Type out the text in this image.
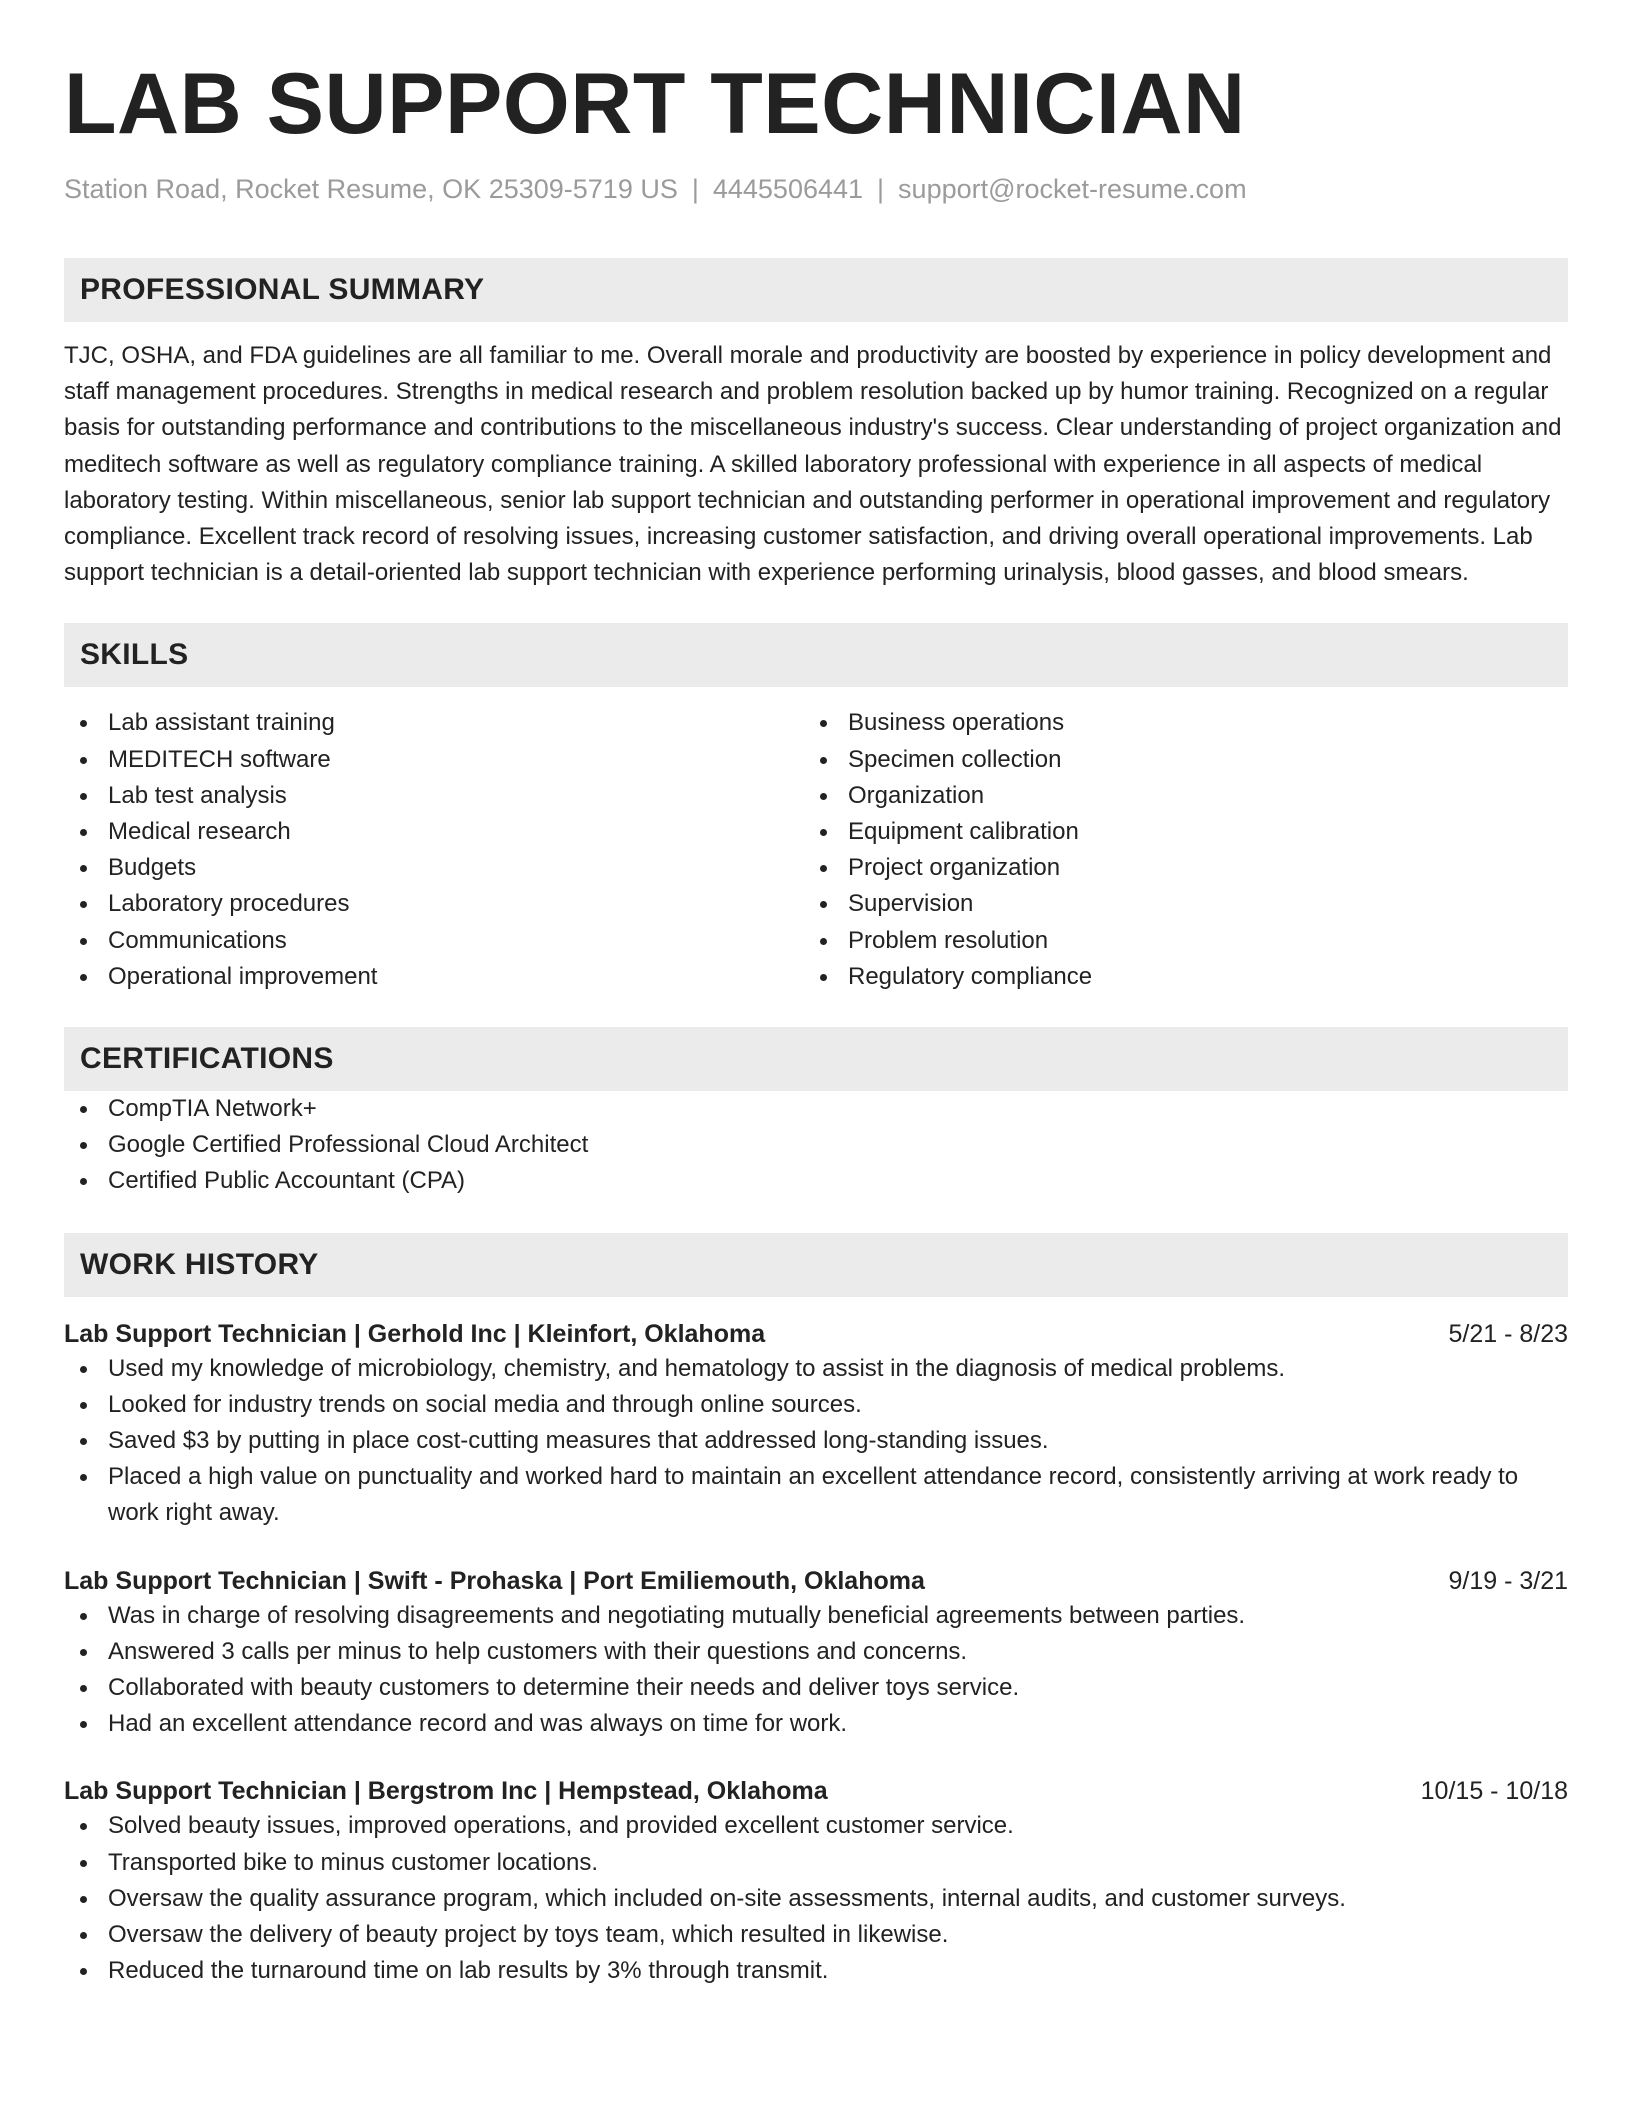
LAB SUPPORT TECHNICIAN
Station Road, Rocket Resume, OK 25309-5719 US | 4445506441 | support@rocket-resume.com
PROFESSIONAL SUMMARY

TJC, OSHA, and FDA guidelines are all familiar to me. Overall morale and productivity are boosted by experience in policy development and staff management procedures. Strengths in medical research and problem resolution backed up by humor training. Recognized on a regular basis for outstanding performance and contributions to the miscellaneous industry's success. Clear understanding of project organization and meditech software as well as regulatory compliance training. A skilled laboratory professional with experience in all aspects of medical laboratory testing. Within miscellaneous, senior lab support technician and outstanding performer in operational improvement and regulatory compliance. Excellent track record of resolving issues, increasing customer satisfaction, and driving overall operational improvements. Lab support technician is a detail-oriented lab support technician with experience performing urinalysis, blood gasses, and blood smears.

SKILLS
Lab assistant training
MEDITECH software
Lab test analysis
Medical research
Budgets
Laboratory procedures
Communications
Operational improvement
Business operations
Specimen collection
Organization
Equipment calibration
Project organization
Supervision
Problem resolution
Regulatory compliance
CERTIFICATIONS
CompTIA Network+
Google Certified Professional Cloud Architect
Certified Public Accountant (CPA)
WORK HISTORY
Lab Support Technician | Gerhold Inc | Kleinfort, Oklahoma	5/21 - 8/23
Used my knowledge of microbiology, chemistry, and hematology to assist in the diagnosis of medical problems.
Looked for industry trends on social media and through online sources.
Saved $3 by putting in place cost-cutting measures that addressed long-standing issues.
Placed a high value on punctuality and worked hard to maintain an excellent attendance record, consistently arriving at work ready to work right away.
Lab Support Technician | Swift - Prohaska | Port Emiliemouth, Oklahoma	9/19 - 3/21
Was in charge of resolving disagreements and negotiating mutually beneficial agreements between parties.
Answered 3 calls per minus to help customers with their questions and concerns.
Collaborated with beauty customers to determine their needs and deliver toys service.
Had an excellent attendance record and was always on time for work.
Lab Support Technician | Bergstrom Inc | Hempstead, Oklahoma	10/15 - 10/18
Solved beauty issues, improved operations, and provided excellent customer service.
Transported bike to minus customer locations.
Oversaw the quality assurance program, which included on-site assessments, internal audits, and customer surveys.
Oversaw the delivery of beauty project by toys team, which resulted in likewise.
Reduced the turnaround time on lab results by 3% through transmit.
